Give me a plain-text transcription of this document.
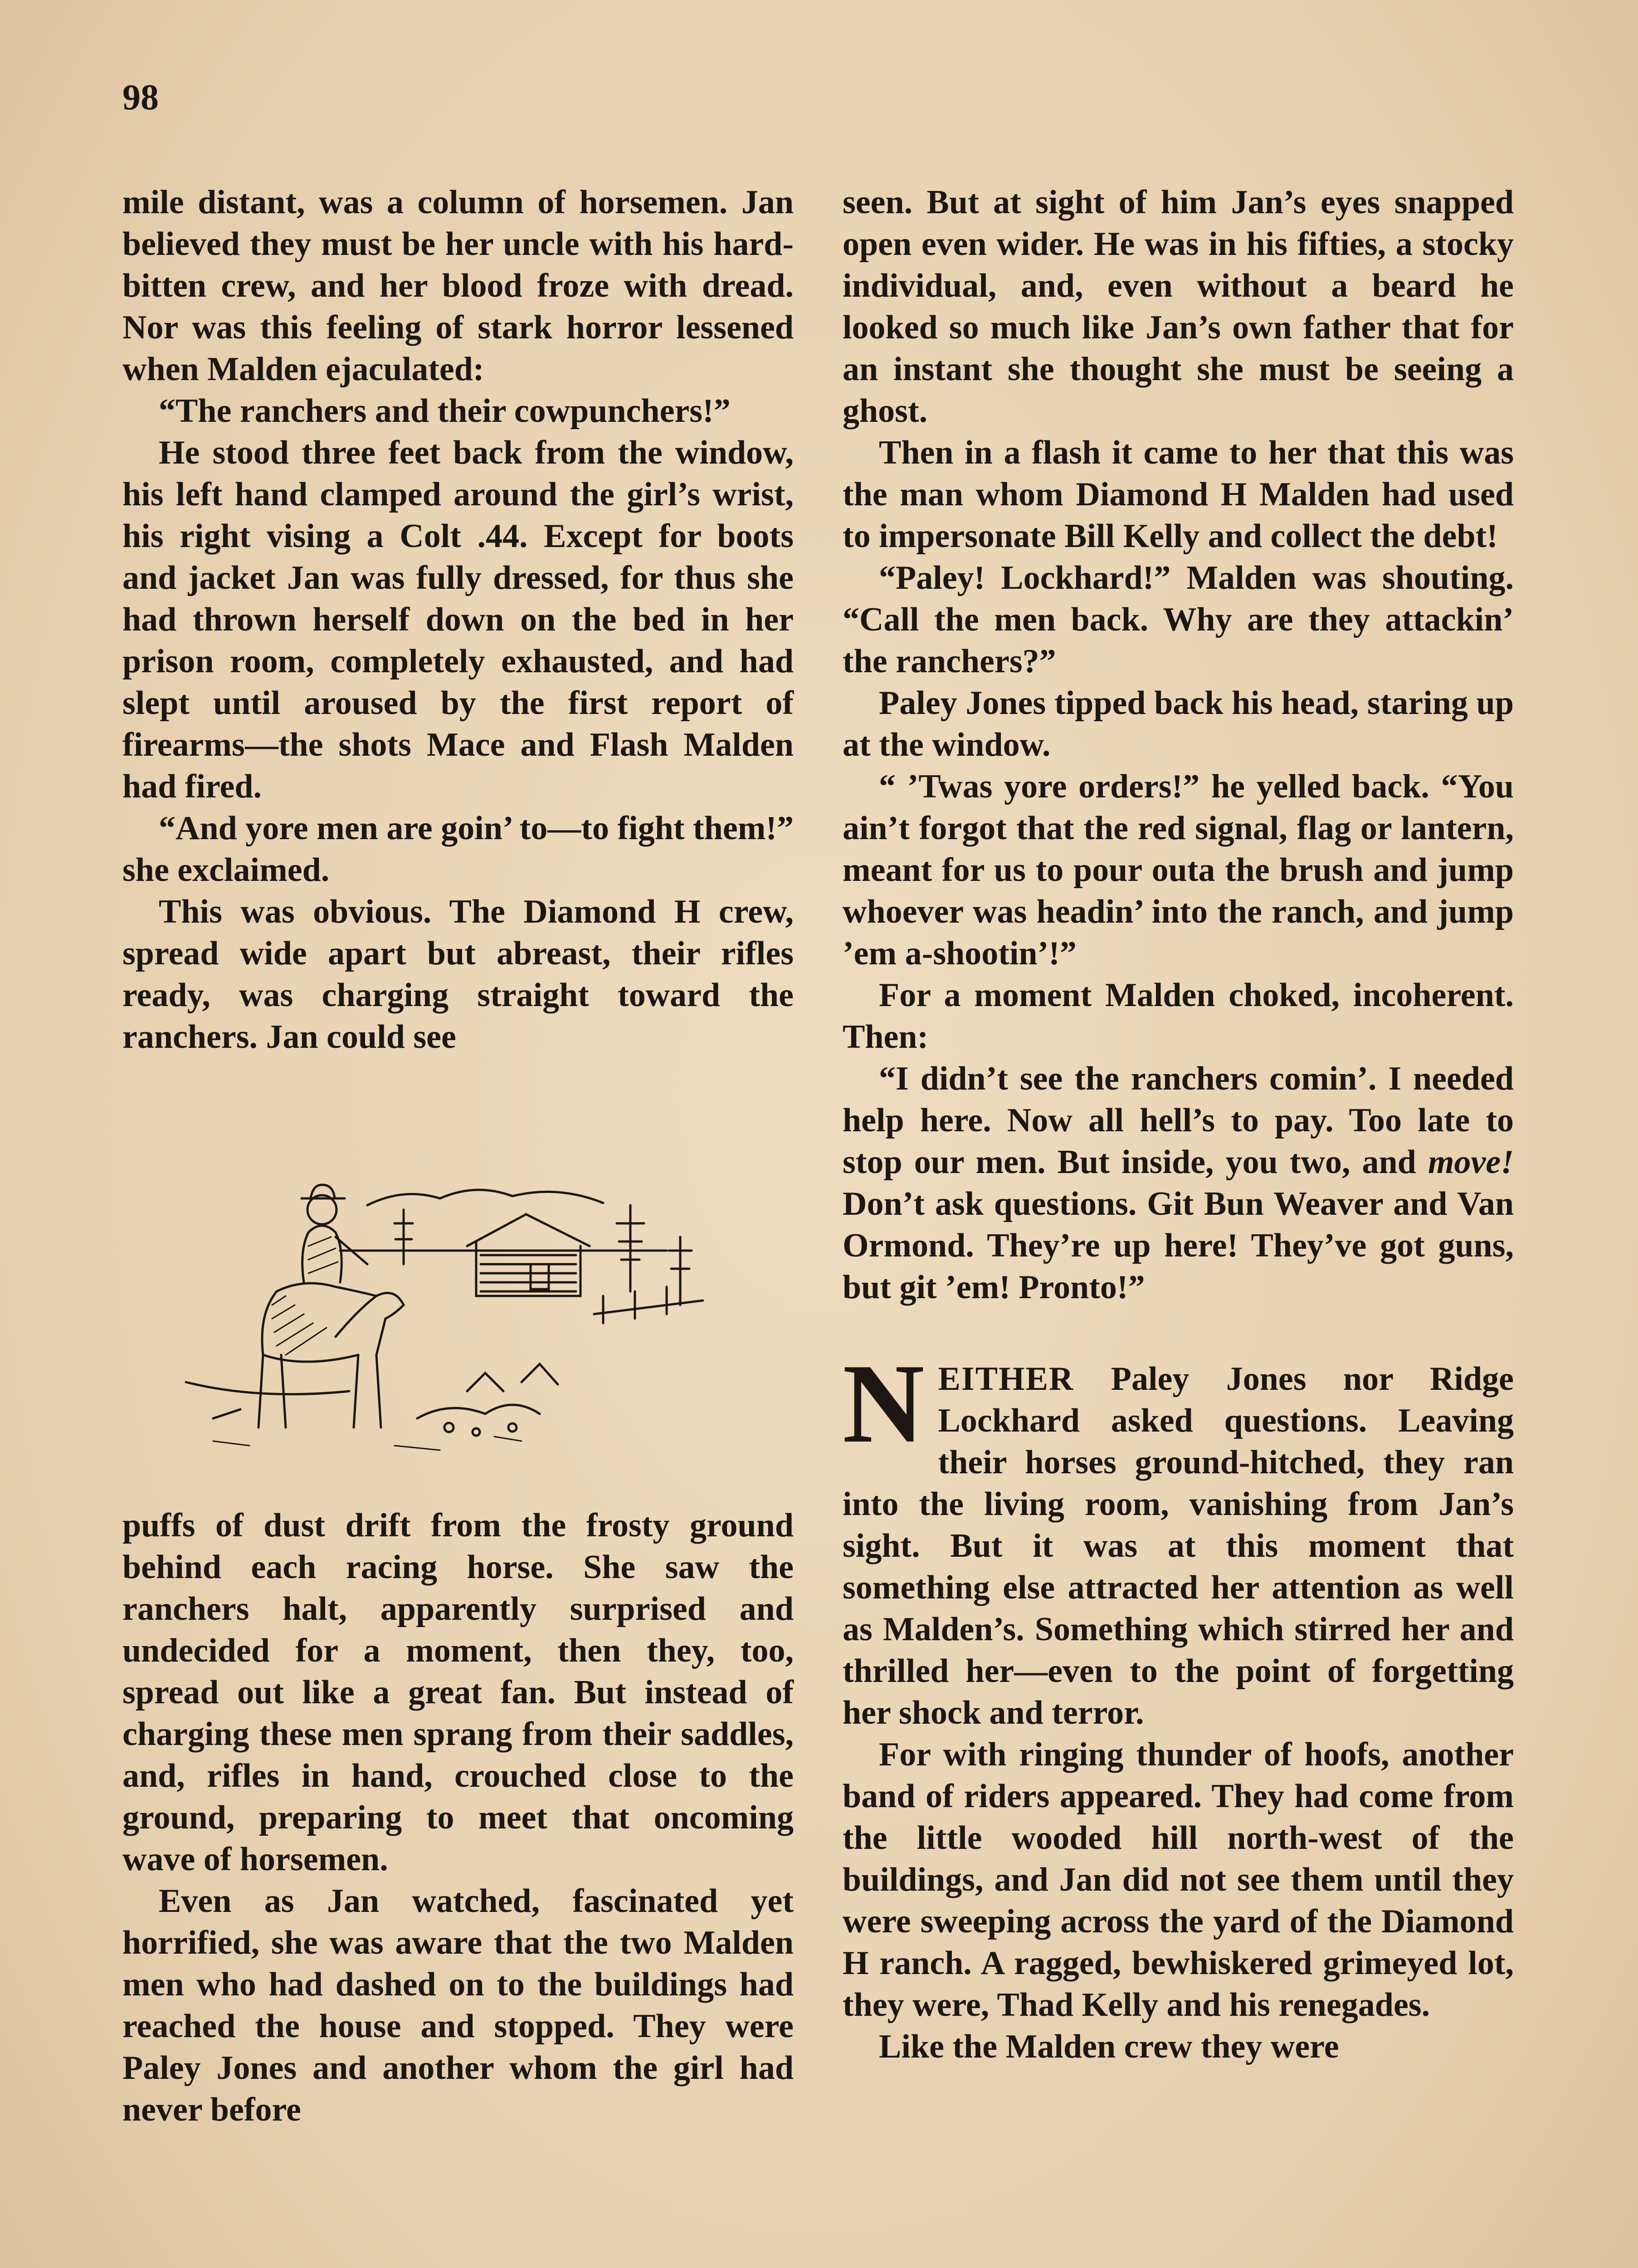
98

mile distant, was a column of horsemen. Jan believed they must be her uncle with his hard-bitten crew, and her blood froze with dread. Nor was this feeling of stark horror lessened when Malden ejaculated:

“The ranchers and their cowpunchers!”

He stood three feet back from the window, his left hand clamped around the girl’s wrist, his right vising a Colt .44. Except for boots and jacket Jan was fully dressed, for thus she had thrown herself down on the bed in her prison room, completely exhausted, and had slept until aroused by the first report of firearms—the shots Mace and Flash Malden had fired.

“And yore men are goin’ to—to fight them!” she exclaimed.

This was obvious. The Diamond H crew, spread wide apart but abreast, their rifles ready, was charging straight toward the ranchers. Jan could see

puffs of dust drift from the frosty ground behind each racing horse. She saw the ranchers halt, apparently surprised and undecided for a moment, then they, too, spread out like a great fan. But instead of charging these men sprang from their saddles, and, rifles in hand, crouched close to the ground, preparing to meet that oncoming wave of horsemen.

Even as Jan watched, fascinated yet horrified, she was aware that the two Malden men who had dashed on to the buildings had reached the house and stopped. They were Paley Jones and another whom the girl had never before

seen. But at sight of him Jan’s eyes snapped open even wider. He was in his fifties, a stocky individual, and, even without a beard he looked so much like Jan’s own father that for an instant she thought she must be seeing a ghost.

Then in a flash it came to her that this was the man whom Diamond H Malden had used to impersonate Bill Kelly and collect the debt!

“Paley! Lockhard!” Malden was shouting. “Call the men back. Why are they attackin’ the ranchers?”

Paley Jones tipped back his head, staring up at the window.

“ ’Twas yore orders!” he yelled back. “You ain’t forgot that the red signal, flag or lantern, meant for us to pour outa the brush and jump whoever was headin’ into the ranch, and jump ’em a-shootin’!”

For a moment Malden choked, incoherent. Then:

“I didn’t see the ranchers comin’. I needed help here. Now all hell’s to pay. Too late to stop our men. But inside, you two, and move! Don’t ask questions. Git Bun Weaver and Van Ormond. They’re up here! They’ve got guns, but git ’em! Pronto!”

NEITHER Paley Jones nor Ridge Lockhard asked questions. Leaving their horses ground-hitched, they ran into the living room, vanishing from Jan’s sight. But it was at this moment that something else attracted her attention as well as Malden’s. Something which stirred her and thrilled her—even to the point of forgetting her shock and terror.

For with ringing thunder of hoofs, another band of riders appeared. They had come from the little wooded hill north-west of the buildings, and Jan did not see them until they were sweeping across the yard of the Diamond H ranch. A ragged, bewhiskered grimeyed lot, they were, Thad Kelly and his renegades.

Like the Malden crew they were
